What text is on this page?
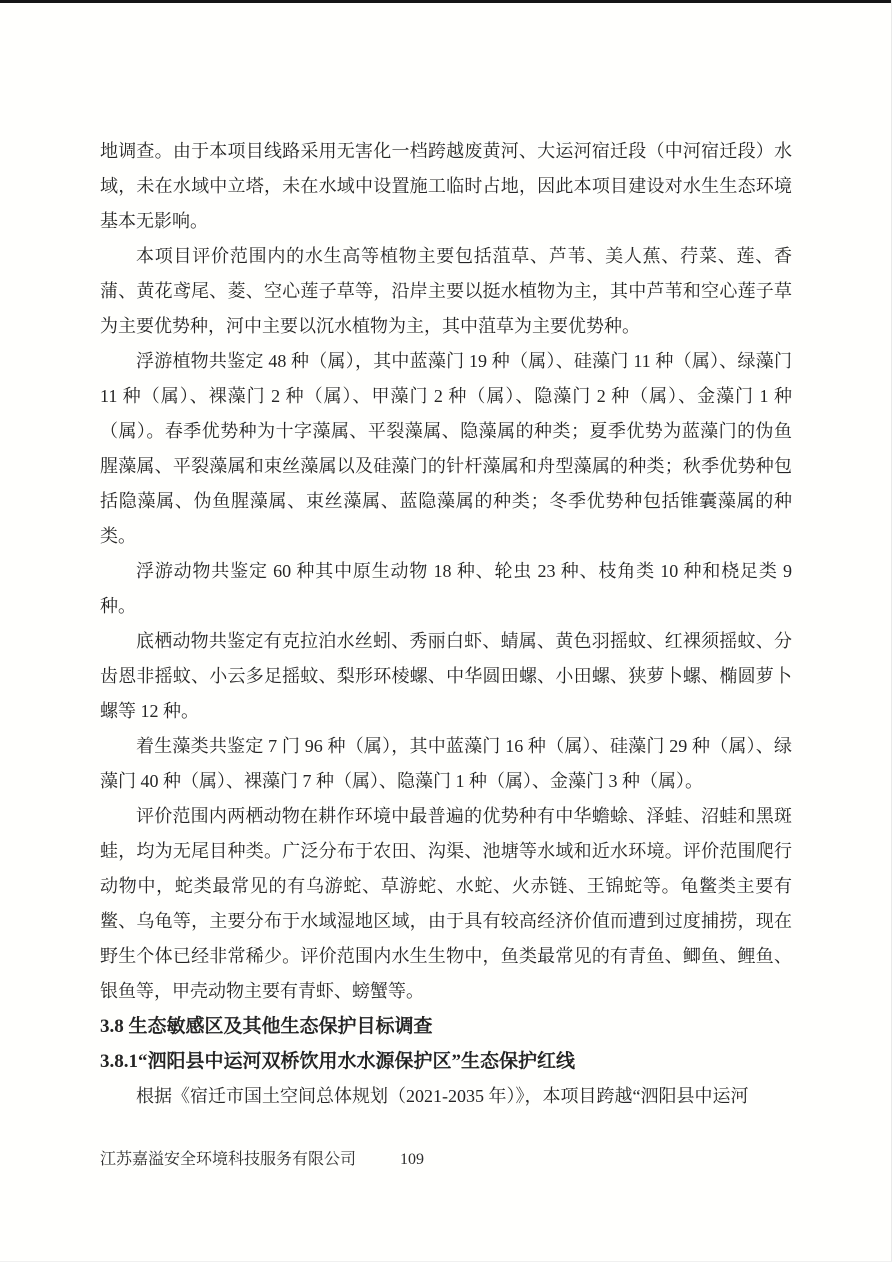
地调查。由于本项目线路采用无害化一档跨越废黄河、大运河宿迁段（中河宿迁段）水域，未在水域中立塔，未在水域中设置施工临时占地，因此本项目建设对水生生态环境基本无影响。

本项目评价范围内的水生高等植物主要包括菹草、芦苇、美人蕉、荇菜、莲、香蒲、黄花鸢尾、菱、空心莲子草等，沿岸主要以挺水植物为主，其中芦苇和空心莲子草为主要优势种，河中主要以沉水植物为主，其中菹草为主要优势种。

浮游植物共鉴定 48 种（属），其中蓝藻门 19 种（属）、硅藻门 11 种（属）、绿藻门 11 种（属）、裸藻门 2 种（属）、甲藻门 2 种（属）、隐藻门 2 种（属）、金藻门 1 种（属）。春季优势种为十字藻属、平裂藻属、隐藻属的种类；夏季优势为蓝藻门的伪鱼腥藻属、平裂藻属和束丝藻属以及硅藻门的针杆藻属和舟型藻属的种类；秋季优势种包括隐藻属、伪鱼腥藻属、束丝藻属、蓝隐藻属的种类；冬季优势种包括锥囊藻属的种类。

浮游动物共鉴定 60 种其中原生动物 18 种、轮虫 23 种、枝角类 10 种和桡足类 9 种。

底栖动物共鉴定有克拉泊水丝蚓、秀丽白虾、蜻属、黄色羽摇蚊、红裸须摇蚊、分齿恩非摇蚊、小云多足摇蚊、梨形环棱螺、中华圆田螺、小田螺、狭萝卜螺、椭圆萝卜螺等 12 种。

着生藻类共鉴定 7 门 96 种（属），其中蓝藻门 16 种（属）、硅藻门 29 种（属）、绿藻门 40 种（属）、裸藻门 7 种（属）、隐藻门 1 种（属）、金藻门 3 种（属）。

评价范围内两栖动物在耕作环境中最普遍的优势种有中华蟾蜍、泽蛙、沼蛙和黑斑蛙，均为无尾目种类。广泛分布于农田、沟渠、池塘等水域和近水环境。评价范围爬行动物中，蛇类最常见的有乌游蛇、草游蛇、水蛇、火赤链、王锦蛇等。龟鳖类主要有鳖、乌龟等，主要分布于水域湿地区域，由于具有较高经济价值而遭到过度捕捞，现在野生个体已经非常稀少。评价范围内水生生物中，鱼类最常见的有青鱼、鲫鱼、鲤鱼、银鱼等，甲壳动物主要有青虾、螃蟹等。

3.8 生态敏感区及其他生态保护目标调查
3.8.1“泗阳县中运河双桥饮用水水源保护区”生态保护红线

根据《宿迁市国土空间总体规划（2021-2035 年）》，本项目跨越“泗阳县中运河

江苏嘉溢安全环境科技服务有限公司	109
